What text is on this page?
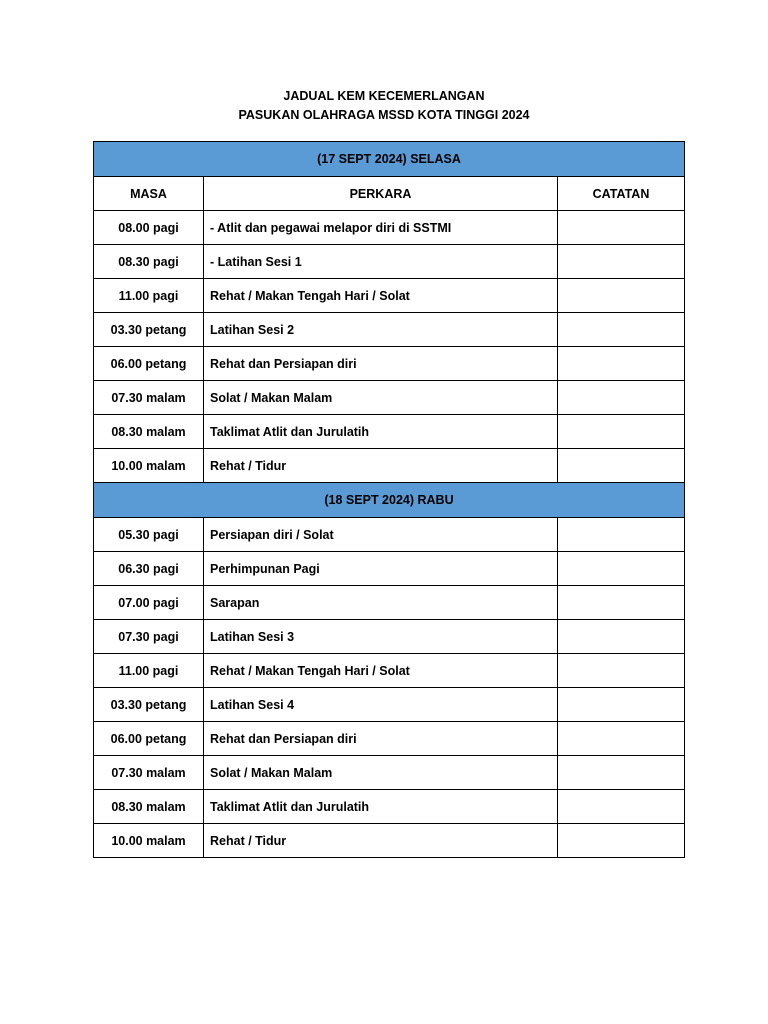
JADUAL KEM KECEMERLANGAN
PASUKAN OLAHRAGA MSSD KOTA TINGGI 2024
(17 SEPT 2024) SELASA		
MASA	PERKARA	CATATAN
08.00 pagi	- Atlit dan pegawai melapor diri di SSTMI	
08.30 pagi	- Latihan Sesi 1	
11.00 pagi	Rehat / Makan Tengah Hari / Solat	
03.30 petang	Latihan Sesi 2	
06.00 petang	Rehat dan Persiapan diri	
07.30 malam	Solat / Makan Malam	
08.30 malam	Taklimat Atlit dan Jurulatih	
10.00 malam	Rehat / Tidur	
(18 SEPT 2024) RABU		
05.30 pagi	Persiapan diri / Solat	
06.30 pagi	Perhimpunan Pagi	
07.00 pagi	Sarapan	
07.30 pagi	Latihan Sesi 3	
11.00 pagi	Rehat / Makan Tengah Hari / Solat	
03.30 petang	Latihan Sesi 4	
06.00 petang	Rehat dan Persiapan diri	
07.30 malam	Solat / Makan Malam	
08.30 malam	Taklimat Atlit dan Jurulatih	
10.00 malam	Rehat / Tidur	
